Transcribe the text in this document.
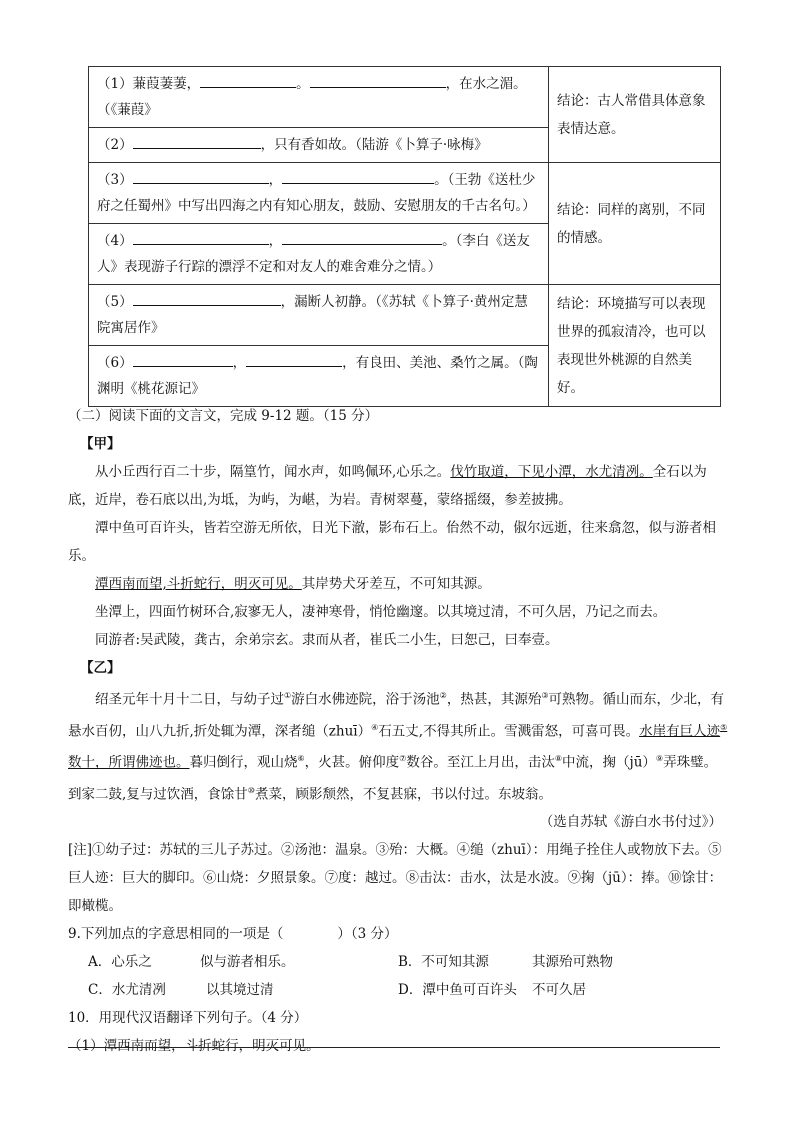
（1）蒹葭萋萋， 。 ，在水之湄。（《蒹葭》	结论：古人常借具体意象表情达意。
（2） ，只有香如故。（陆游《卜算子·咏梅》	
（3） ， 。（王勃《送杜少府之任蜀州》中写出四海之内有知心朋友，鼓励、安慰朋友的千古名句。）	结论：同样的离别，不同的情感。
（4） ， 。（李白《送友人》表现游子行踪的漂浮不定和对友人的难舍难分之情。）	
（5） ，漏断人初静。（《苏轼《卜算子·黄州定慧院寓居作》	结论：环境描写可以表现世界的孤寂清冷，也可以表现世外桃源的自然美好。
（6） ， ，有良田、美池、桑竹之属。（陶渊明《桃花源记》	
（二）阅读下面的文言文，完成 9-12 题。（15 分）
【甲】
从小丘西行百二十步，隔篁竹，闻水声，如鸣佩环,心乐之。伐竹取道，下见小潭，水尤清冽。全石以为底，近岸，卷石底以出,为坻，为屿，为嵁，为岩。青树翠蔓，蒙络摇缀，参差披拂。
潭中鱼可百许头，皆若空游无所依，日光下澈，影布石上。佁然不动，俶尔远逝，往来翕忽，似与游者相乐。
潭西南而望,斗折蛇行，明灭可见。其岸势犬牙差互，不可知其源。
坐潭上，四面竹树环合,寂寥无人，凄神寒骨，悄怆幽邃。以其境过清，不可久居，乃记之而去。
同游者:吴武陵，龚古，余弟宗玄。隶而从者，崔氏二小生，曰恕己，曰奉壹。
【乙】
绍圣元年十月十二日，与幼子过①游白水佛迹院，浴于汤池②，热甚，其源殆③可熟物。循山而东，少北，有悬水百仞，山八九折,折处辄为潭，深者缒（zhuī）④石五丈,不得其所止。雪溅雷怒，可喜可畏。水崖有巨人迹⑤数十，所谓佛迹也。暮归倒行，观山烧⑥，火甚。俯仰度⑦数谷。至江上月出，击汰⑧中流，掬（jū）⑨弄珠璧。到家二鼓,复与过饮酒，食馀甘⑩煮菜，顾影颓然，不复甚寐，书以付过。东坡翁。
（选自苏轼《游白水书付过》）
[注]①幼子过：苏轼的三儿子苏过。②汤池：温泉。③殆：大概。④缒（zhuī）：用绳子拴住人或物放下去。⑤巨人迹：巨大的脚印。⑥山烧：夕照景象。⑦度：越过。⑧击汰：击水，汰是水波。⑨掬（jū）：捧。⑩馀甘：即橄榄。
9.下列加点的字意思相同的一项是（　　　　）（3 分）
A．心乐之	似与游者相乐。	B．不可知其源	其源殆可熟物
C．水尤清冽	以其境过清	D．潭中鱼可百许头	不可久居
10．用现代汉语翻译下列句子。（4 分）
（1）潭西南而望，斗折蛇行，明灭可见。
